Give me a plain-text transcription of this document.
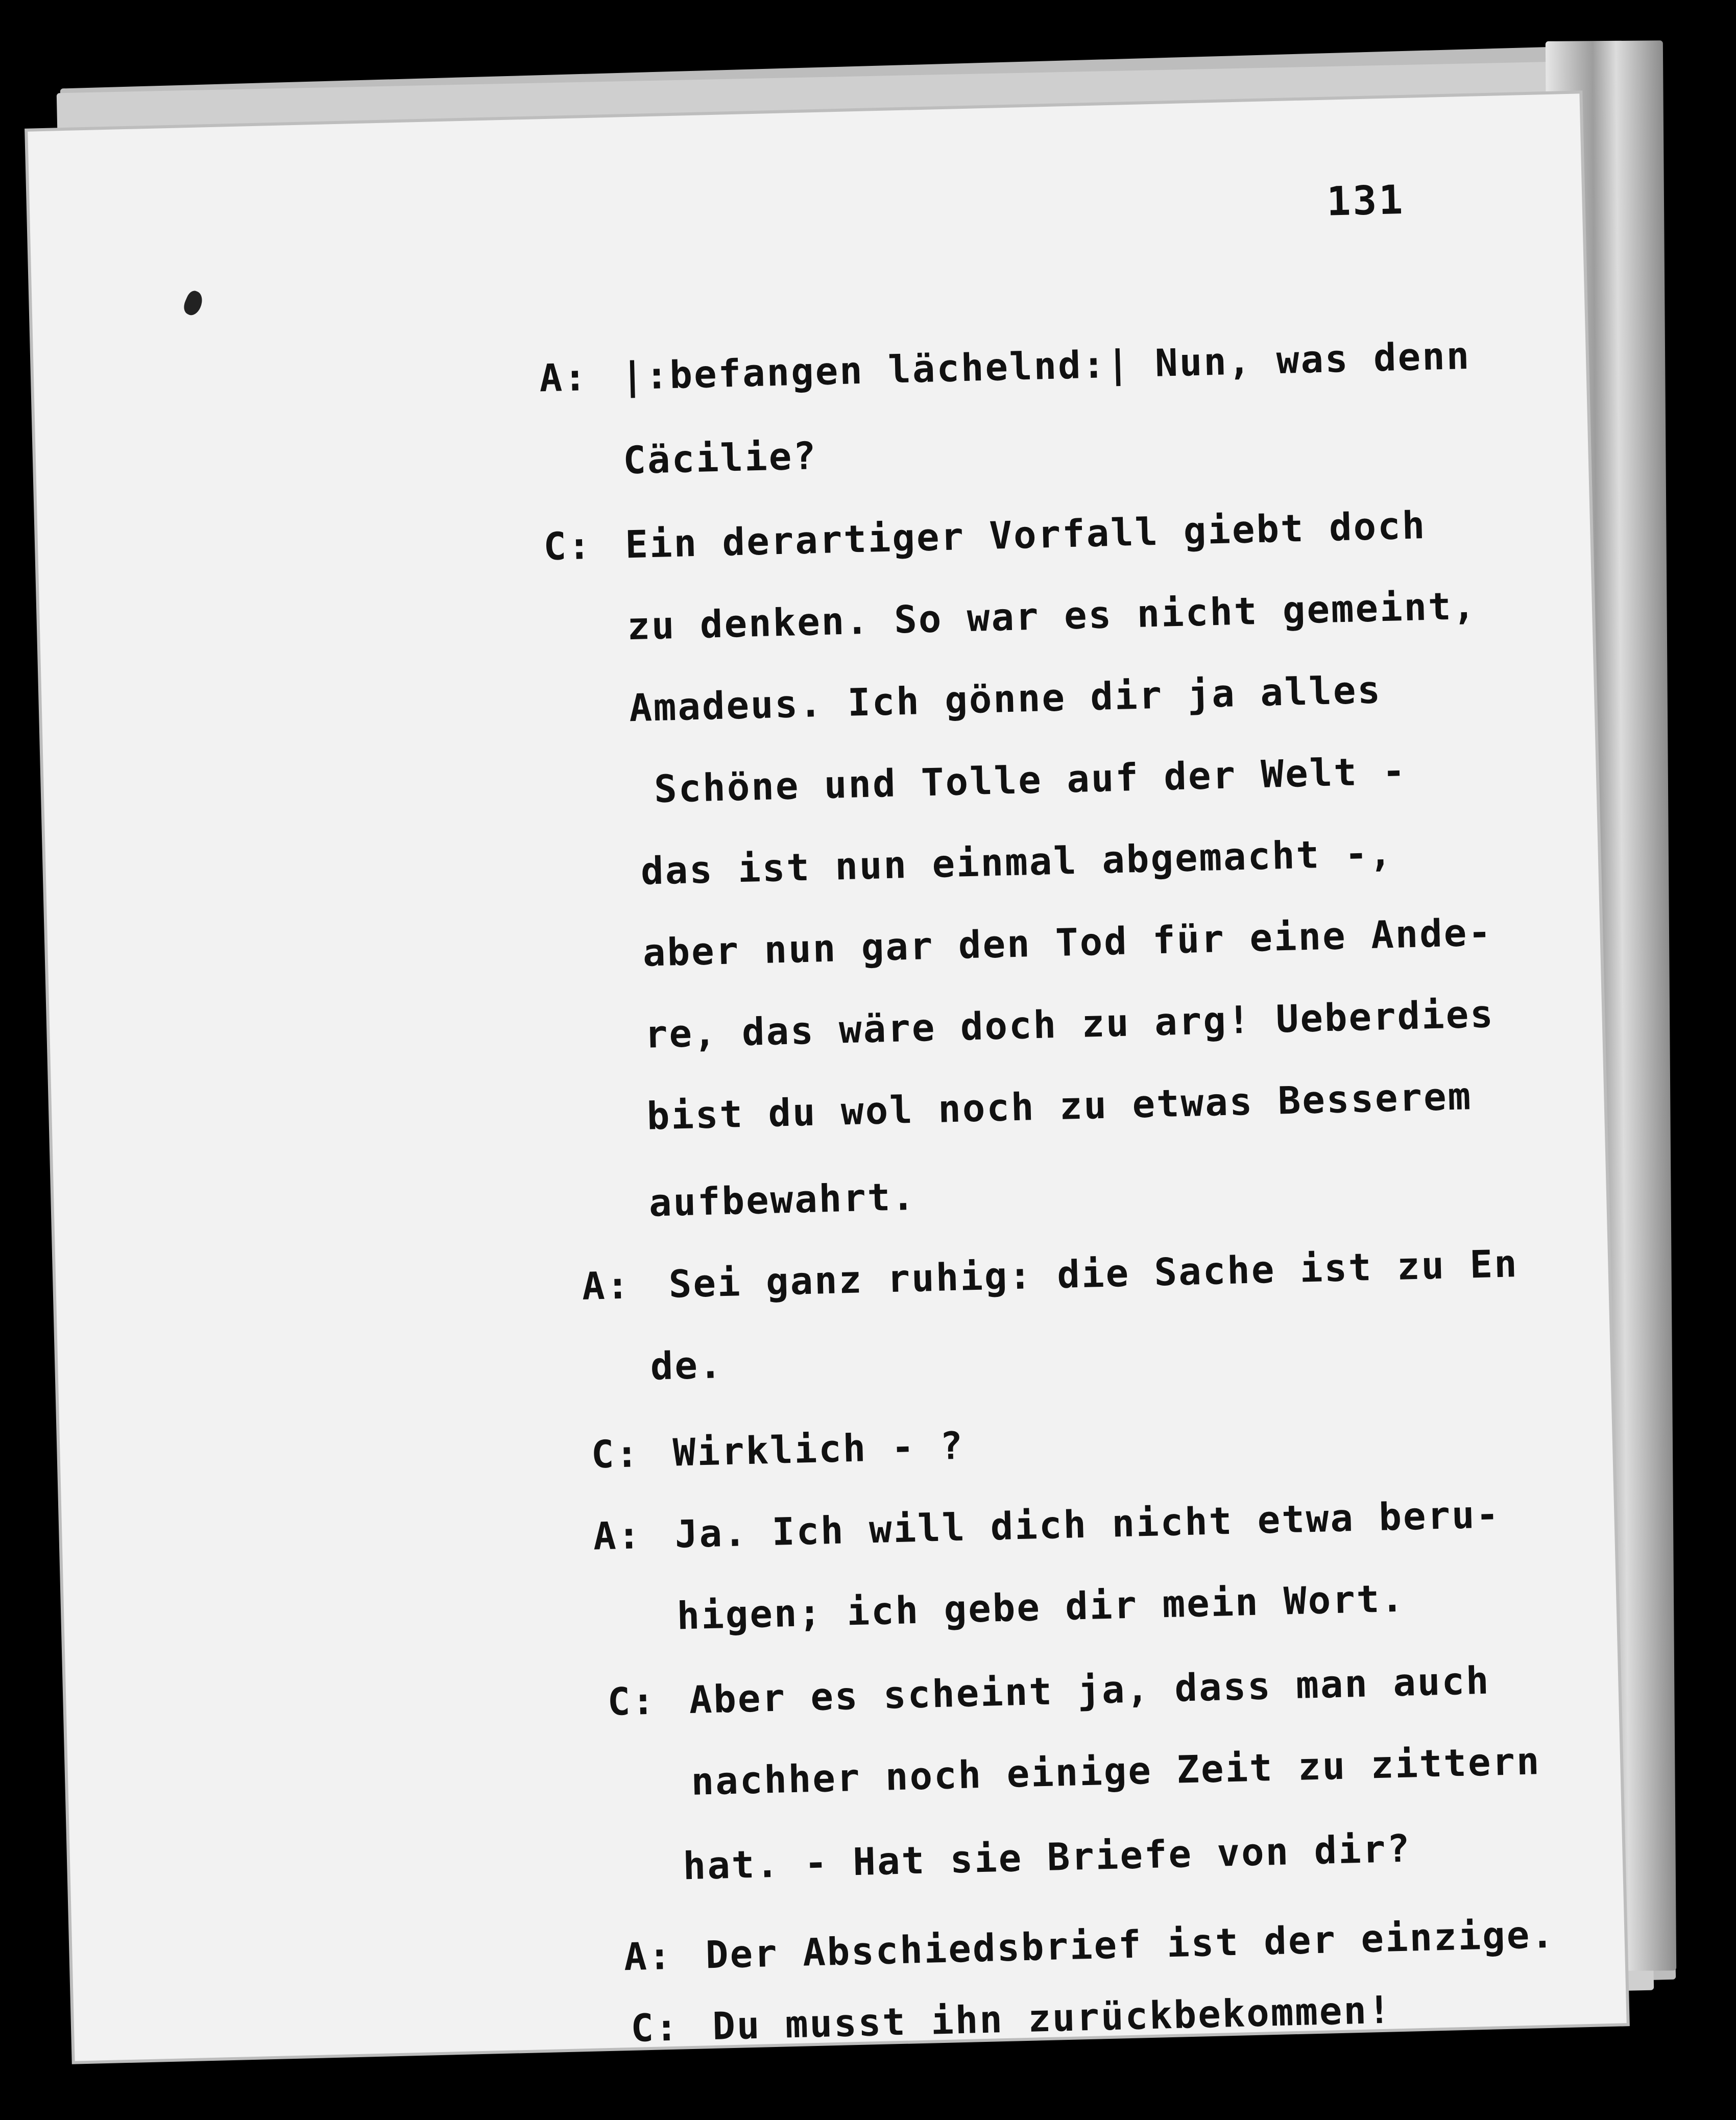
131
A: |:befangen lächelnd:| Nun, was denn
Cäcilie?
C: Ein derartiger Vorfall giebt doch
zu denken. So war es nicht gemeint,
Amadeus. Ich gönne dir ja alles
Schöne und Tolle auf der Welt -
das ist nun einmal abgemacht -,
aber nun gar den Tod für eine Ande-
re, das wäre doch zu arg! Ueberdies
bist du wol noch zu etwas Besserem
aufbewahrt.
A: Sei ganz ruhig: die Sache ist zu En
de.
C: Wirklich - ?
A: Ja. Ich will dich nicht etwa beru-
higen; ich gebe dir mein Wort.
C: Aber es scheint ja, dass man auch
nachher noch einige Zeit zu zittern
hat. - Hat sie Briefe von dir?
A: Der Abschiedsbrief ist der einzige.
C: Du musst ihn zurückbekommen!
